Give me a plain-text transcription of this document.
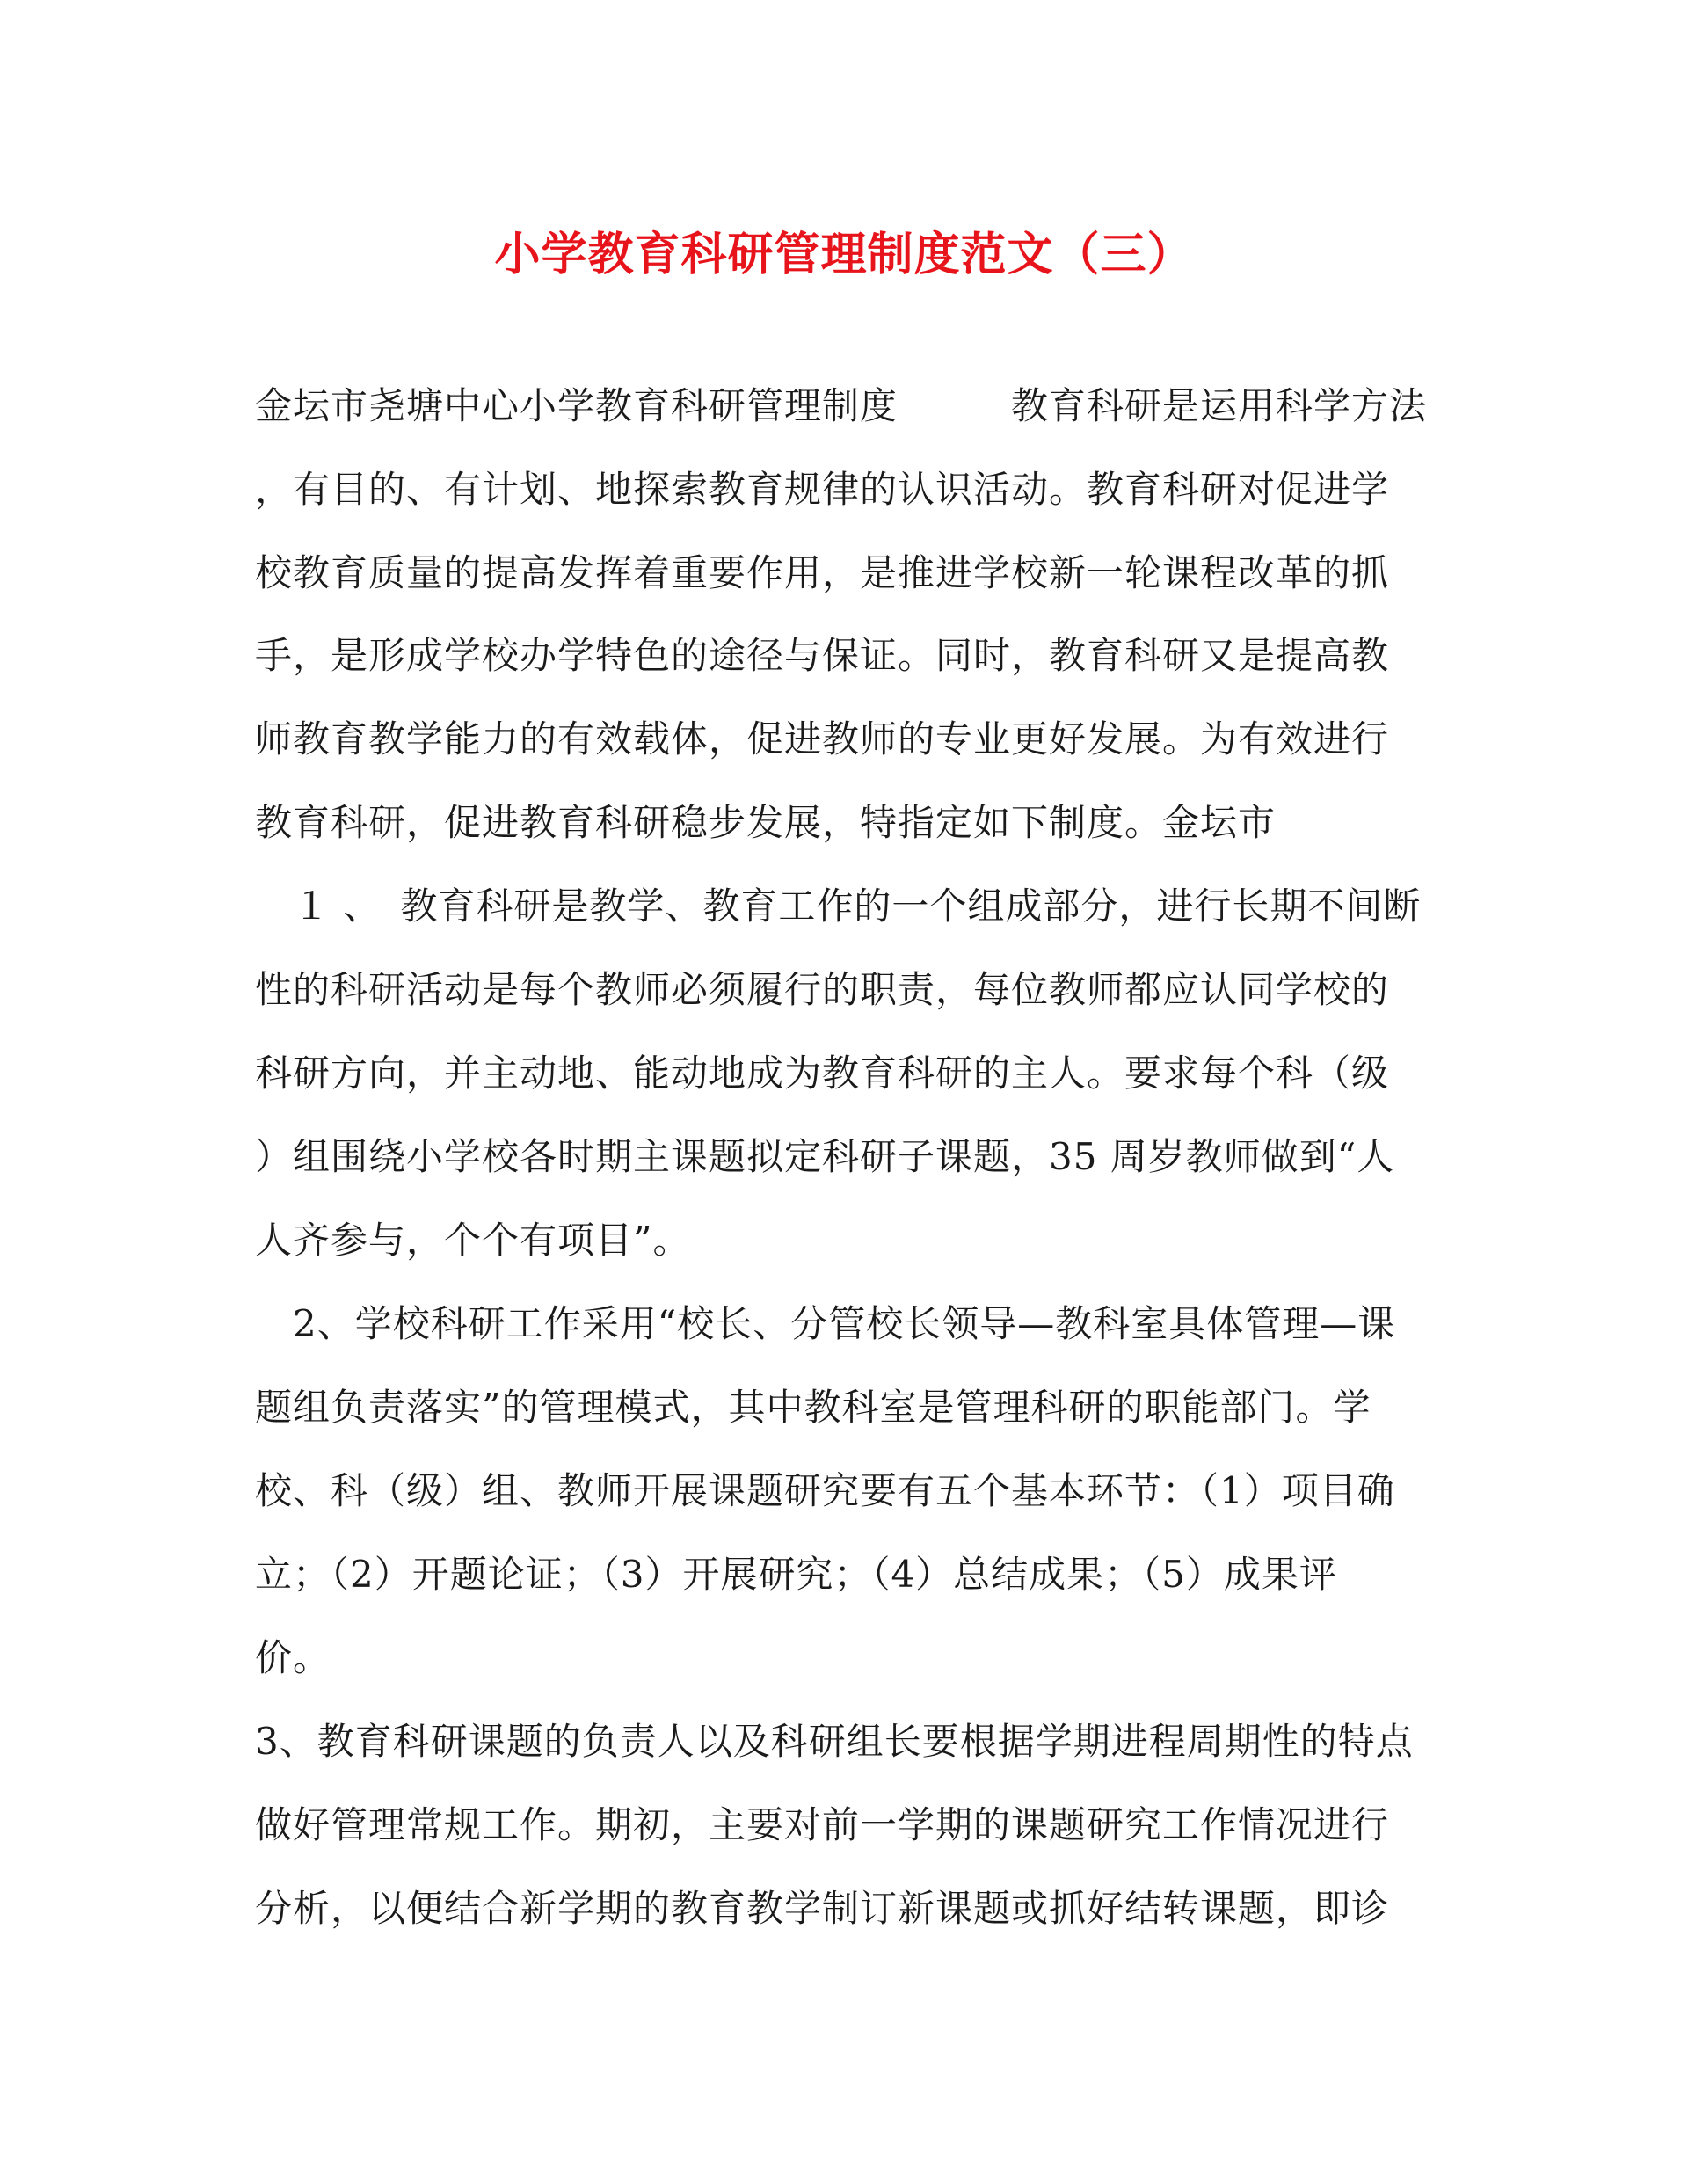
小学教育科研管理制度范文（三）
金坛市尧塘中心小学教育科研管理制度　　　教育科研是运用科学方法
，有目的、有计划、地探索教育规律的认识活动。教育科研对促进学
校教育质量的提高发挥着重要作用，是推进学校新一轮课程改革的抓
手，是形成学校办学特色的途径与保证。同时，教育科研又是提高教
师教育教学能力的有效载体，促进教师的专业更好发展。为有效进行
教育科研，促进教育科研稳步发展，特指定如下制度。金坛市
　１ 、　教育科研是教学、教育工作的一个组成部分，进行长期不间断
性的科研活动是每个教师必须履行的职责，每位教师都应认同学校的
科研方向，并主动地、能动地成为教育科研的主人。要求每个科（级
）组围绕小学校各时期主课题拟定科研子课题，35 周岁教师做到“人
人齐参与，个个有项目”。
　2、学校科研工作采用“校长、分管校长领导—教科室具体管理—课
题组负责落实”的管理模式，其中教科室是管理科研的职能部门。学
校、科（级）组、教师开展课题研究要有五个基本环节：（1）项目确
立；（2）开题论证；（3）开展研究；（4）总结成果；（5）成果评
价。
3、教育科研课题的负责人以及科研组长要根据学期进程周期性的特点
做好管理常规工作。期初，主要对前一学期的课题研究工作情况进行
分析，以便结合新学期的教育教学制订新课题或抓好结转课题，即诊
